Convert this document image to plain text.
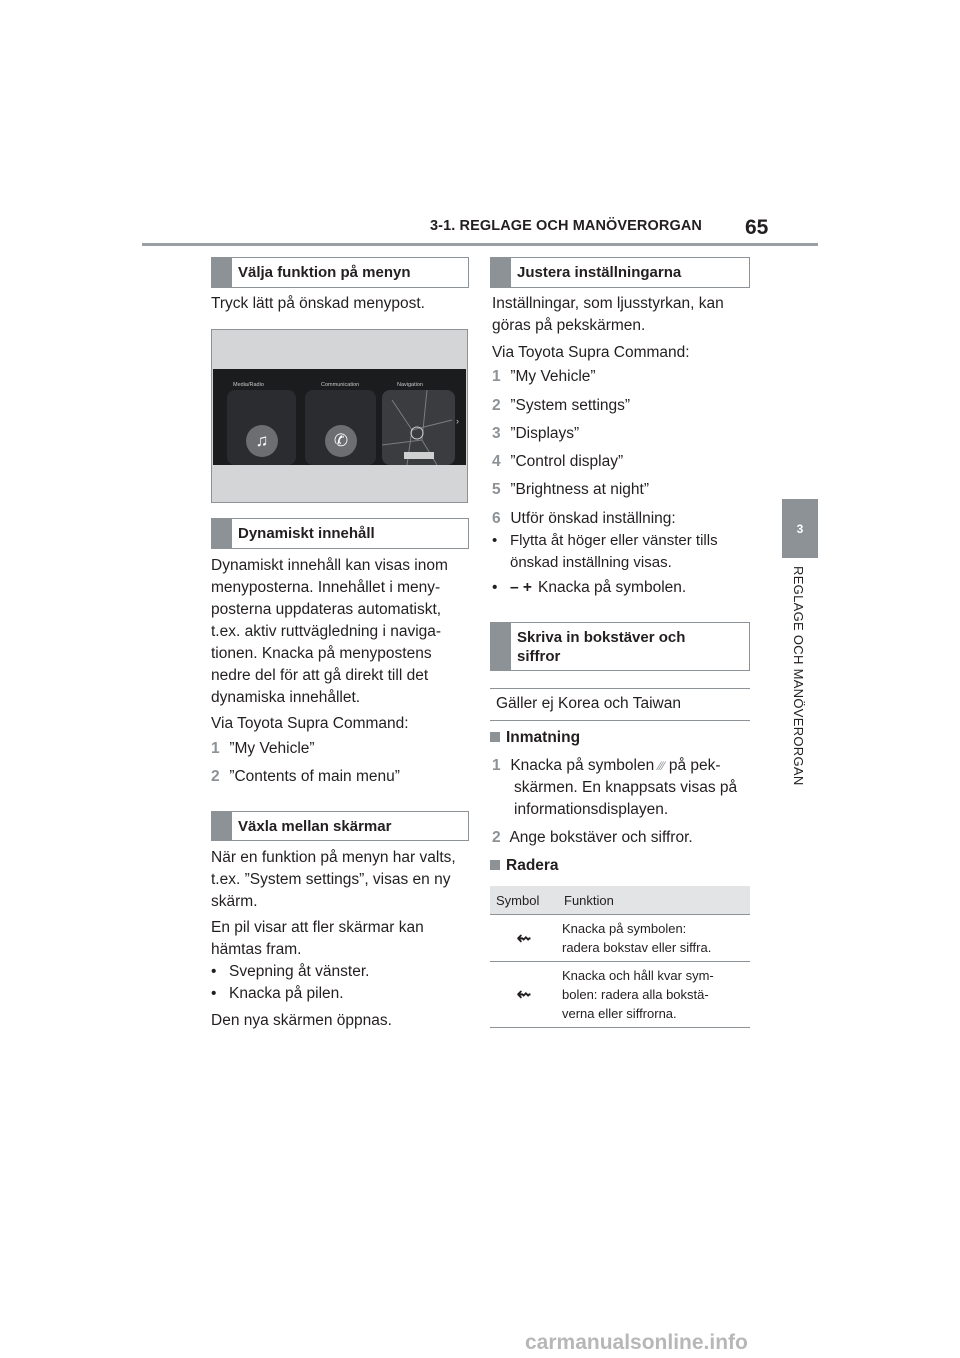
3-1. REGLAGE OCH MANÖVERORGAN 65
3
REGLAGE OCH MANÖVERORGAN
Välja funktion på menyn

Tryck lätt på önskad menypost.

♫
Media/Radio
✆
Communication	Navigation
›
Dynamiskt innehåll

Dynamiskt innehåll kan visas inom

menyposterna. Innehållet i meny-

posterna uppdateras automatiskt,

t.ex. aktiv ruttvägledning i naviga-

tionen. Knacka på menypostens

nedre del för att gå direkt till det

dynamiska innehållet.

Via Toyota Supra Command:

1 ”My Vehicle”

2 ”Contents of main menu”

Växla mellan skärmar

När en funktion på menyn har valts,

t.ex. ”System settings”, visas en ny

skärm.

En pil visar att fler skärmar kan

hämtas fram.

• Svepning åt vänster.

• Knacka på pilen.

Den nya skärmen öppnas.

Justera inställningarna

Inställningar, som ljusstyrkan, kan

göras på pekskärmen.

Via Toyota Supra Command:

1 ”My Vehicle”

2 ”System settings”

3 ”Displays”

4 ”Control display”

5 ”Brightness at night”

6 Utför önskad inställning:

• Flytta åt höger eller vänster tills

önskad inställning visas.

• – + Knacka på symbolen.

Skriva in bokstäver och
siffror
Gäller ej Korea och Taiwan

Inmatning

1 Knacka på symbolen ⁄⁄⁄ på pek-

skärmen. En knappsats visas på

informationsdisplayen.

2 Ange bokstäver och siffror.

Radera

Symbol	Funktion
⇜	Knacka på symbolen:
radera bokstav eller siffra.
⇜	Knacka och håll kvar sym-
bolen: radera alla bokstä-
verna eller siffrorna.
carmanualsonline.info
